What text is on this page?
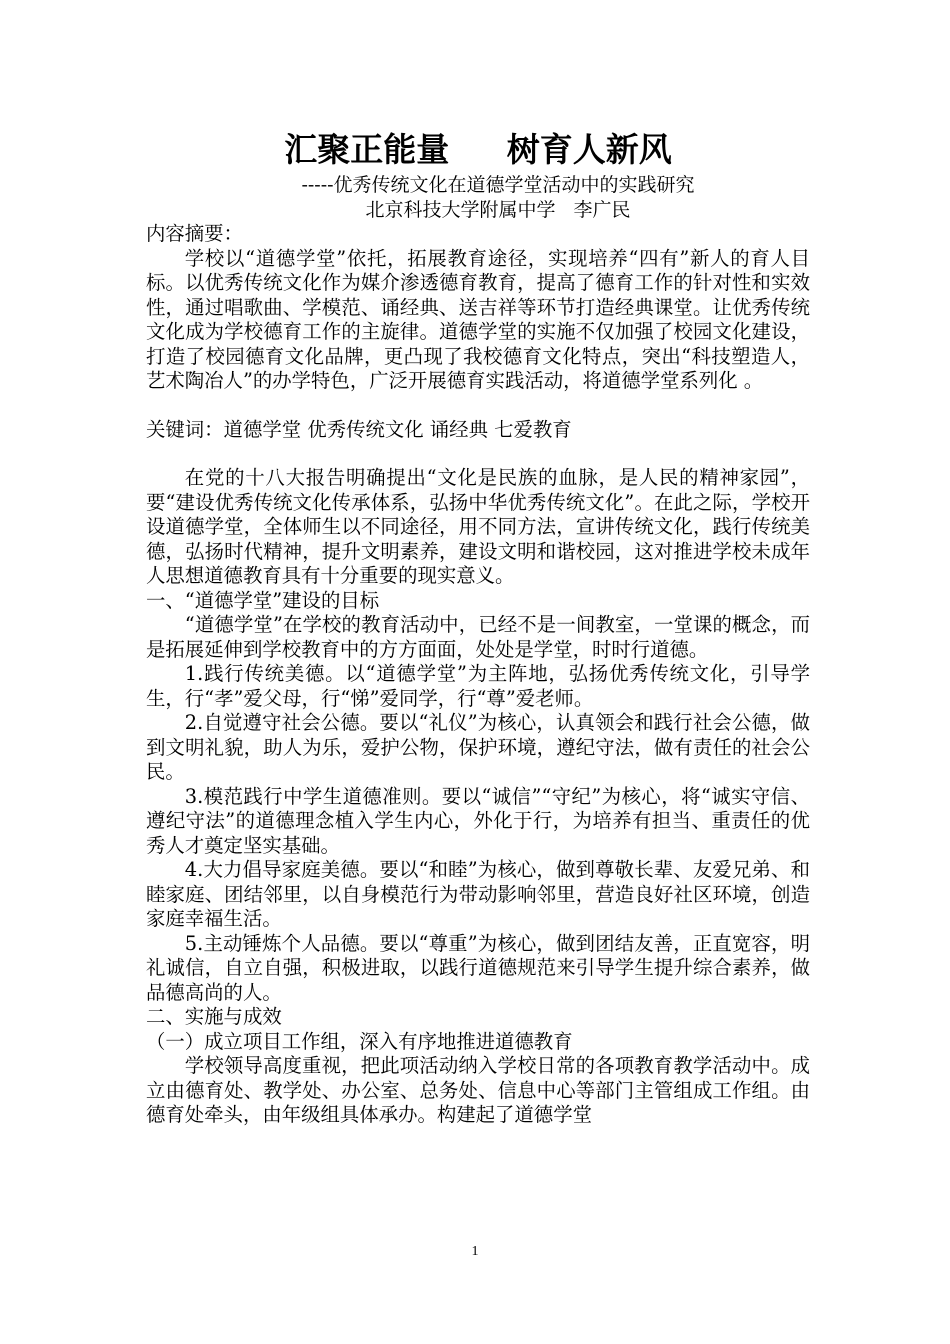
汇聚正能量     树育人新风
-----优秀传统文化在道德学堂活动中的实践研究
北京科技大学附属中学   李广民

内容摘要：

学校以“道德学堂”依托，拓展教育途径，实现培养“四有”新人的育人目标。以优秀传统文化作为媒介渗透德育教育，提高了德育工作的针对性和实效性，通过唱歌曲、学模范、诵经典、送吉祥等环节打造经典课堂。让优秀传统文化成为学校德育工作的主旋律。道德学堂的实施不仅加强了校园文化建设，打造了校园德育文化品牌，更凸现了我校德育文化特点，突出“科技塑造人，艺术陶冶人”的办学特色，广泛开展德育实践活动，将道德学堂系列化 。

关键词：道德学堂 优秀传统文化 诵经典 七爱教育

在党的十八大报告明确提出“文化是民族的血脉，是人民的精神家园”，要“建设优秀传统文化传承体系，弘扬中华优秀传统文化”。在此之际，学校开设道德学堂，全体师生以不同途径，用不同方法，宣讲传统文化，践行传统美德，弘扬时代精神，提升文明素养，建设文明和谐校园，这对推进学校未成年人思想道德教育具有十分重要的现实意义。

一、“道德学堂”建设的目标

“道德学堂”在学校的教育活动中，已经不是一间教室，一堂课的概念，而是拓展延伸到学校教育中的方方面面，处处是学堂，时时行道德。

1.践行传统美德。以“道德学堂”为主阵地，弘扬优秀传统文化，引导学生，行“孝”爱父母，行“悌”爱同学，行“尊”爱老师。

2.自觉遵守社会公德。要以“礼仪”为核心，认真领会和践行社会公德，做到文明礼貌，助人为乐，爱护公物，保护环境，遵纪守法，做有责任的社会公民。

3.模范践行中学生道德准则。要以“诚信”“守纪”为核心，将“诚实守信、遵纪守法”的道德理念植入学生内心，外化于行，为培养有担当、重责任的优秀人才奠定坚实基础。

4.大力倡导家庭美德。要以“和睦”为核心，做到尊敬长辈、友爱兄弟、和睦家庭、团结邻里，以自身模范行为带动影响邻里，营造良好社区环境，创造家庭幸福生活。

5.主动锤炼个人品德。要以“尊重”为核心，做到团结友善，正直宽容，明礼诚信，自立自强，积极进取，以践行道德规范来引导学生提升综合素养，做品德高尚的人。

二、实施与成效

（一）成立项目工作组，深入有序地推进道德教育

学校领导高度重视，把此项活动纳入学校日常的各项教育教学活动中。成立由德育处、教学处、办公室、总务处、信息中心等部门主管组成工作组。由德育处牵头，由年级组具体承办。构建起了道德学堂

1
